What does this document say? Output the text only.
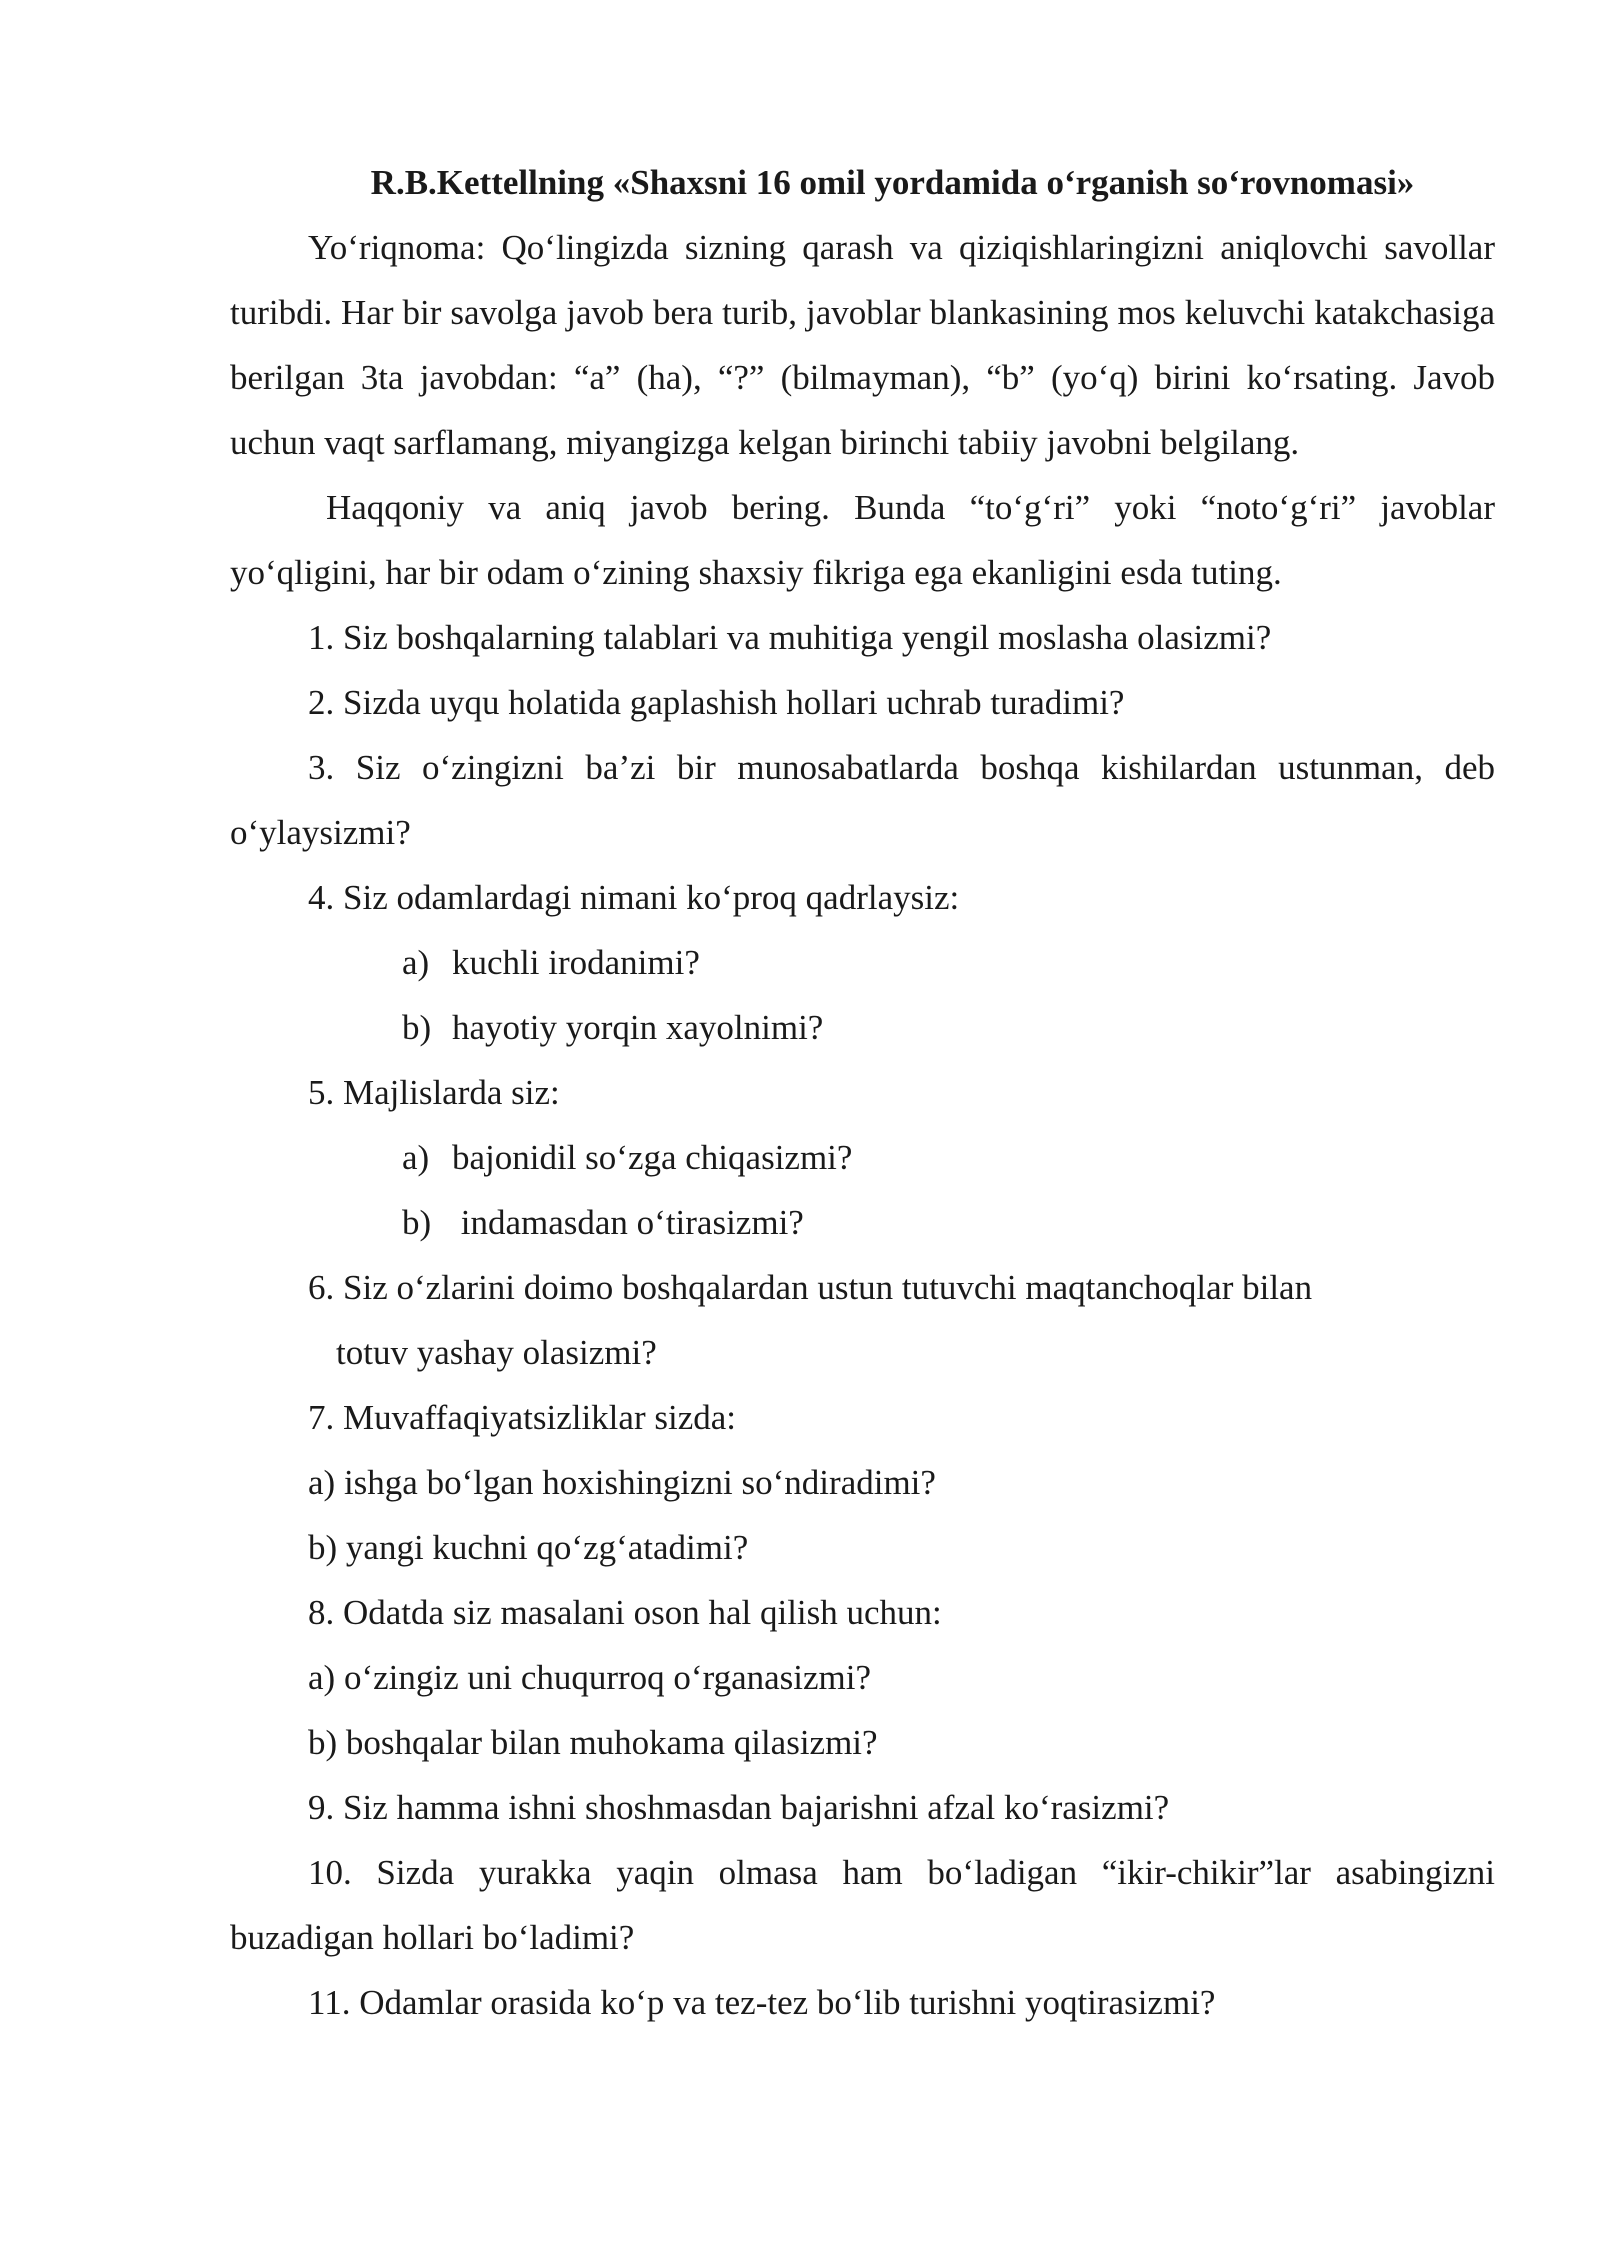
R.B.Kettellning «Shaxsni 16 omil yordamida o‘rganish so‘rovnomasi»

Yo‘riqnoma: Qo‘lingizda sizning qarash va qiziqishlaringizni aniqlovchi savollar turibdi. Har bir savolga javob bera turib, javoblar blankasining mos keluvchi katakchasiga berilgan 3ta javobdan: “a” (ha), “?” (bilmayman), “b” (yo‘q) birini ko‘rsating. Javob uchun vaqt sarflamang, miyangizga kelgan birinchi tabiiy javobni belgilang.

Haqqoniy va aniq javob bering. Bunda “to‘g‘ri” yoki “noto‘g‘ri” javoblar yo‘qligini, har bir odam o‘zining shaxsiy fikriga ega ekanligini esda tuting.

1. Siz boshqalarning talablari va muhitiga yengil moslasha olasizmi?

2. Sizda uyqu holatida gaplashish hollari uchrab turadimi?

3. Siz o‘zingizni ba’zi bir munosabatlarda boshqa kishilardan ustunman, deb o‘ylaysizmi?

4. Siz odamlardagi nimani ko‘proq qadrlaysiz:

a) kuchli irodanimi?

b) hayotiy yorqin xayolnimi?

5. Majlislarda siz:

a) bajonidil so‘zga chiqasizmi?

b) indamasdan o‘tirasizmi?

6. Siz o‘zlarini doimo boshqalardan ustun tutuvchi maqtanchoqlar bilan
totuv yashay olasizmi?

7. Muvaffaqiyatsizliklar sizda:

a) ishga bo‘lgan hoxishingizni so‘ndiradimi?

b) yangi kuchni qo‘zg‘atadimi?

8. Odatda siz masalani oson hal qilish uchun:

a) o‘zingiz uni chuqurroq o‘rganasizmi?

b) boshqalar bilan muhokama qilasizmi?

9. Siz hamma ishni shoshmasdan bajarishni afzal ko‘rasizmi?

10. Sizda yurakka yaqin olmasa ham bo‘ladigan “ikir-chikir”lar asabingizni buzadigan hollari bo‘ladimi?

11. Odamlar orasida ko‘p va tez-tez bo‘lib turishni yoqtirasizmi?
